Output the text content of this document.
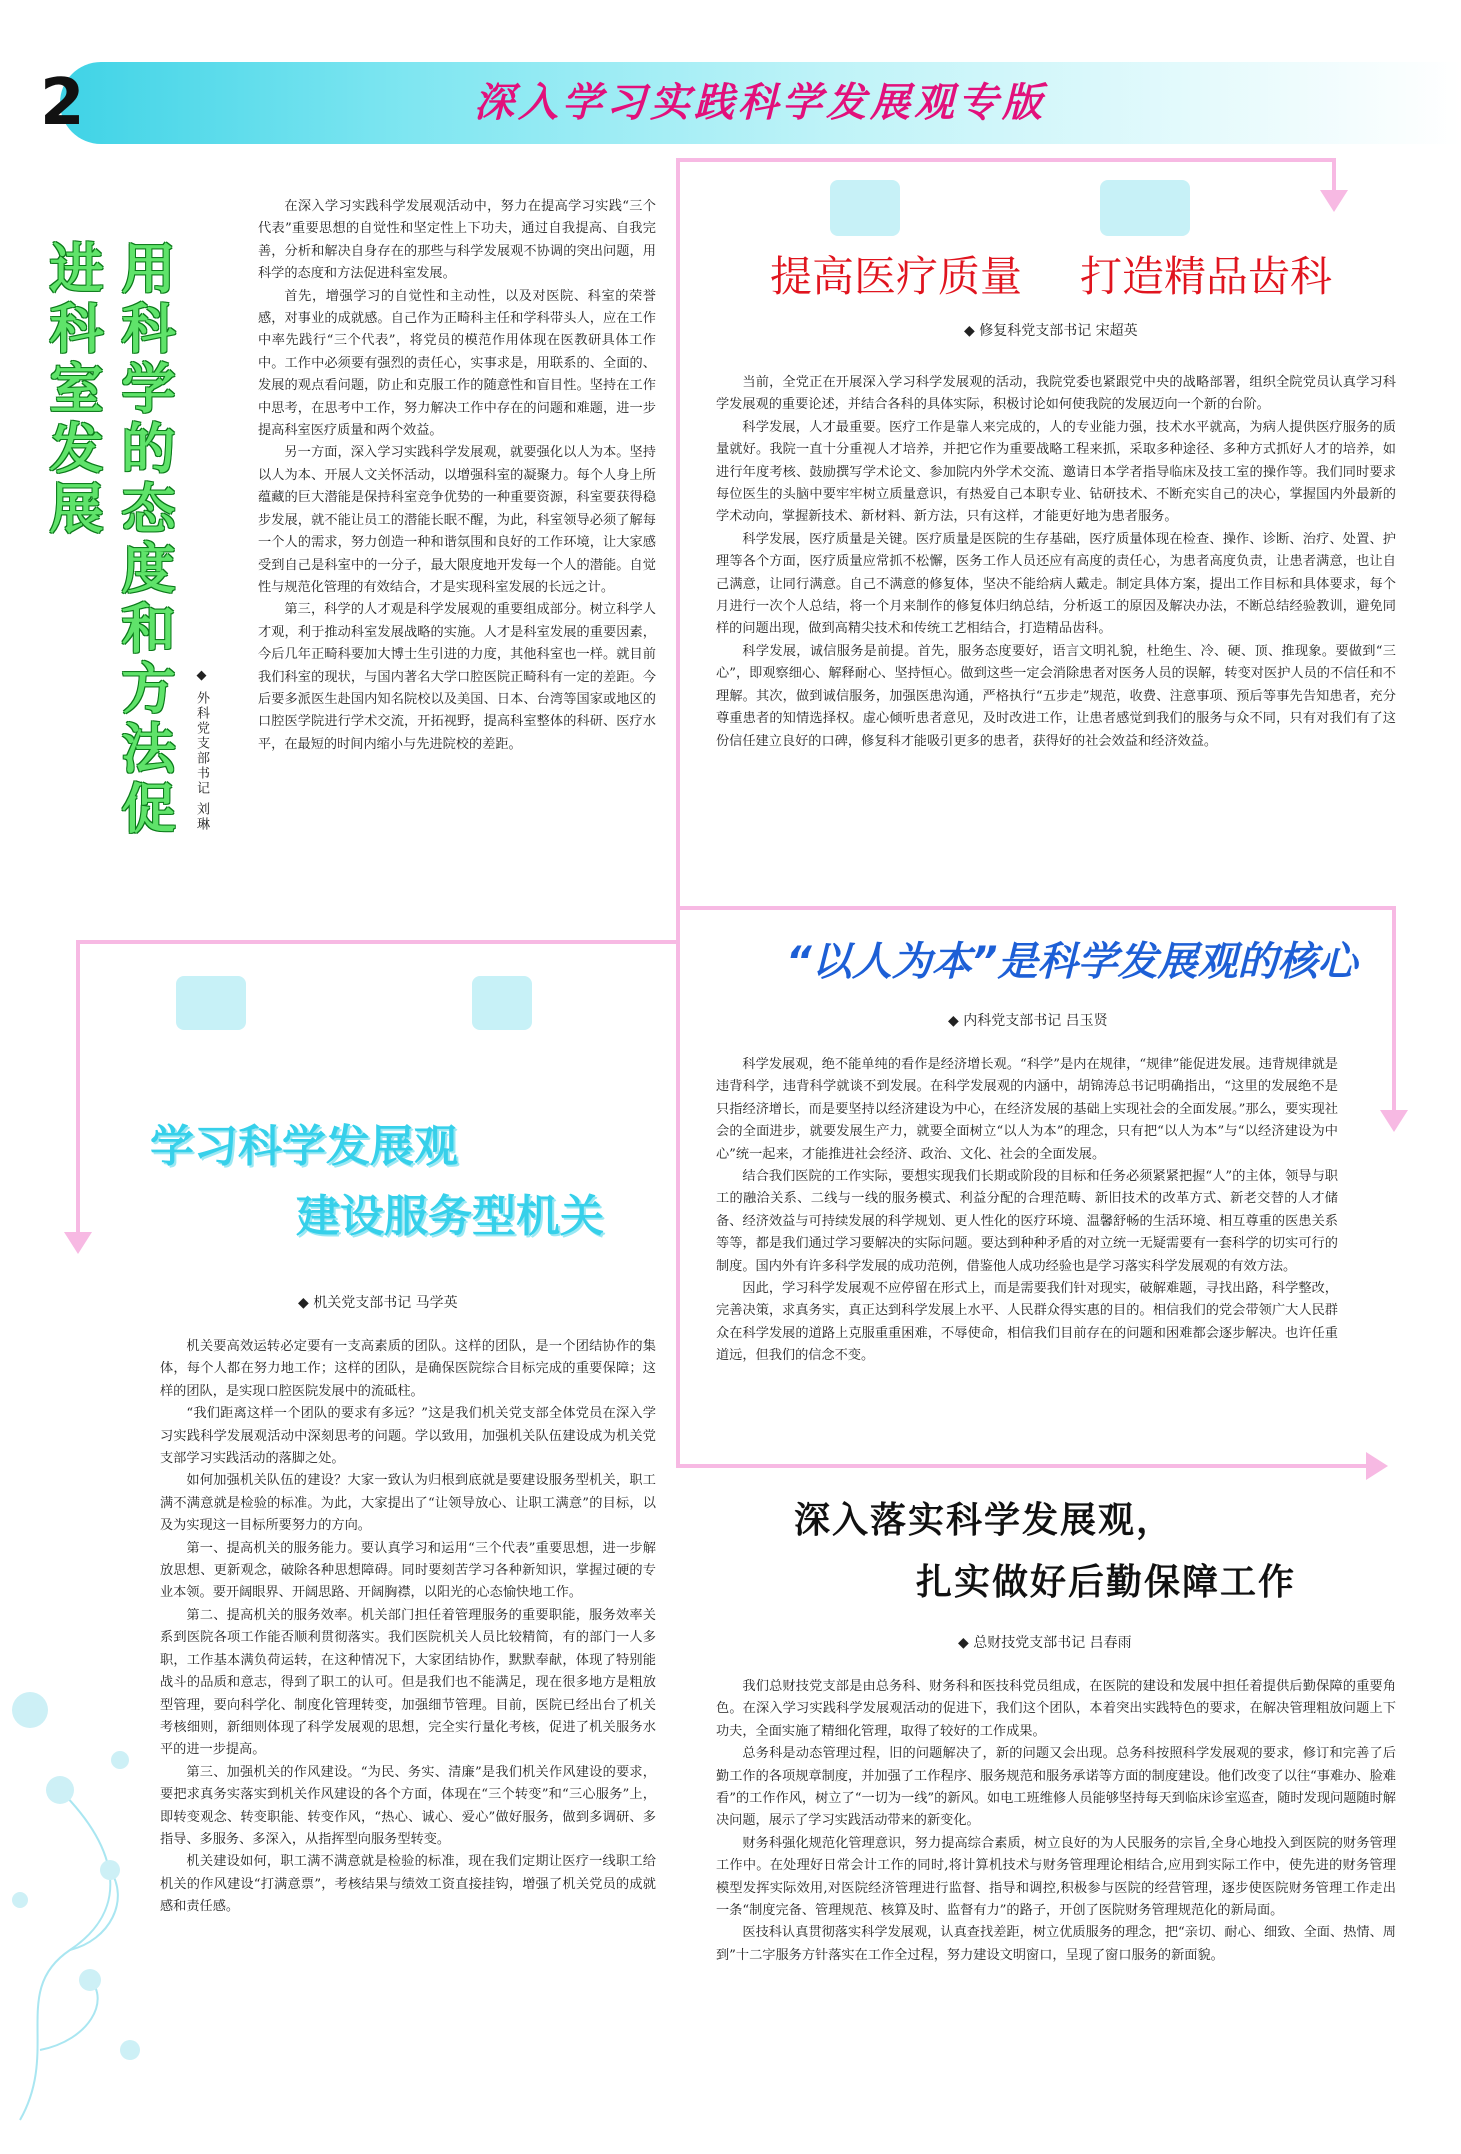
2	深入学习实践科学发展观专版
用科学的态度和方法促进科室发展
◆ 外科党支部书记 刘琳

在深入学习实践科学发展观活动中，努力在提高学习实践“三个代表”重要思想的自觉性和坚定性上下功夫，通过自我提高、自我完善，分析和解决自身存在的那些与科学发展观不协调的突出问题，用科学的态度和方法促进科室发展。

首先，增强学习的自觉性和主动性，以及对医院、科室的荣誉感，对事业的成就感。自己作为正畸科主任和学科带头人，应在工作中率先践行“三个代表”，将党员的模范作用体现在医教研具体工作中。工作中必须要有强烈的责任心，实事求是，用联系的、全面的、发展的观点看问题，防止和克服工作的随意性和盲目性。坚持在工作中思考，在思考中工作，努力解决工作中存在的问题和难题，进一步提高科室医疗质量和两个效益。

另一方面，深入学习实践科学发展观，就要强化以人为本。坚持以人为本、开展人文关怀活动，以增强科室的凝聚力。每个人身上所蕴藏的巨大潜能是保持科室竞争优势的一种重要资源，科室要获得稳步发展，就不能让员工的潜能长眠不醒，为此，科室领导必须了解每一个人的需求，努力创造一种和谐氛围和良好的工作环境，让大家感受到自己是科室中的一分子，最大限度地开发每一个人的潜能。自觉性与规范化管理的有效结合，才是实现科室发展的长远之计。

第三，科学的人才观是科学发展观的重要组成部分。树立科学人才观，利于推动科室发展战略的实施。人才是科室发展的重要因素，今后几年正畸科要加大博士生引进的力度，其他科室也一样。就目前我们科室的现状，与国内著名大学口腔医院正畸科有一定的差距。今后要多派医生赴国内知名院校以及美国、日本、台湾等国家或地区的口腔医学院进行学术交流，开拓视野，提高科室整体的科研、医疗水平，在最短的时间内缩小与先进院校的差距。

提高医疗质量 打造精品齿科
◆ 修复科党支部书记 宋超英

当前，全党正在开展深入学习科学发展观的活动，我院党委也紧跟党中央的战略部署，组织全院党员认真学习科学发展观的重要论述，并结合各科的具体实际，积极讨论如何使我院的发展迈向一个新的台阶。

科学发展，人才最重要。医疗工作是靠人来完成的，人的专业能力强，技术水平就高，为病人提供医疗服务的质量就好。我院一直十分重视人才培养，并把它作为重要战略工程来抓，采取多种途径、多种方式抓好人才的培养，如进行年度考核、鼓励撰写学术论文、参加院内外学术交流、邀请日本学者指导临床及技工室的操作等。我们同时要求每位医生的头脑中要牢牢树立质量意识，有热爱自己本职专业、钻研技术、不断充实自己的决心，掌握国内外最新的学术动向，掌握新技术、新材料、新方法，只有这样，才能更好地为患者服务。

科学发展，医疗质量是关键。医疗质量是医院的生存基础，医疗质量体现在检查、操作、诊断、治疗、处置、护理等各个方面，医疗质量应常抓不松懈，医务工作人员还应有高度的责任心，为患者高度负责，让患者满意，也让自己满意，让同行满意。自己不满意的修复体，坚决不能给病人戴走。制定具体方案，提出工作目标和具体要求，每个月进行一次个人总结，将一个月来制作的修复体归纳总结，分析返工的原因及解决办法，不断总结经验教训，避免同样的问题出现，做到高精尖技术和传统工艺相结合，打造精品齿科。

科学发展，诚信服务是前提。首先，服务态度要好，语言文明礼貌，杜绝生、冷、硬、顶、推现象。要做到“三心”，即观察细心、解释耐心、坚持恒心。做到这些一定会消除患者对医务人员的误解，转变对医护人员的不信任和不理解。其次，做到诚信服务，加强医患沟通，严格执行“五步走”规范，收费、注意事项、预后等事先告知患者，充分尊重患者的知情选择权。虚心倾听患者意见，及时改进工作，让患者感觉到我们的服务与众不同，只有对我们有了这份信任建立良好的口碑，修复科才能吸引更多的患者，获得好的社会效益和经济效益。

“以人为本”是科学发展观的核心
◆ 内科党支部书记 吕玉贤

科学发展观，绝不能单纯的看作是经济增长观。“科学”是内在规律，“规律”能促进发展。违背规律就是违背科学，违背科学就谈不到发展。在科学发展观的内涵中，胡锦涛总书记明确指出，“这里的发展绝不是只指经济增长，而是要坚持以经济建设为中心，在经济发展的基础上实现社会的全面发展。”那么，要实现社会的全面进步，就要发展生产力，就要全面树立“以人为本”的理念，只有把“以人为本”与“以经济建设为中心”统一起来，才能推进社会经济、政治、文化、社会的全面发展。

结合我们医院的工作实际，要想实现我们长期或阶段的目标和任务必须紧紧把握“人”的主体，领导与职工的融洽关系、二线与一线的服务模式、利益分配的合理范畴、新旧技术的改革方式、新老交替的人才储备、经济效益与可持续发展的科学规划、更人性化的医疗环境、温馨舒畅的生活环境、相互尊重的医患关系等等，都是我们通过学习要解决的实际问题。要达到种种矛盾的对立统一无疑需要有一套科学的切实可行的制度。国内外有许多科学发展的成功范例，借鉴他人成功经验也是学习落实科学发展观的有效方法。

因此，学习科学发展观不应停留在形式上，而是需要我们针对现实，破解难题，寻找出路，科学整改，完善决策，求真务实，真正达到科学发展上水平、人民群众得实惠的目的。相信我们的党会带领广大人民群众在科学发展的道路上克服重重困难，不辱使命，相信我们目前存在的问题和困难都会逐步解决。也许任重道远，但我们的信念不变。

学习科学发展观
建设服务型机关
◆ 机关党支部书记 马学英

机关要高效运转必定要有一支高素质的团队。这样的团队，是一个团结协作的集体，每个人都在努力地工作；这样的团队，是确保医院综合目标完成的重要保障；这样的团队，是实现口腔医院发展中的流砥柱。

“我们距离这样一个团队的要求有多远？”这是我们机关党支部全体党员在深入学习实践科学发展观活动中深刻思考的问题。学以致用，加强机关队伍建设成为机关党支部学习实践活动的落脚之处。

如何加强机关队伍的建设？大家一致认为归根到底就是要建设服务型机关，职工满不满意就是检验的标准。为此，大家提出了“让领导放心、让职工满意”的目标，以及为实现这一目标所要努力的方向。

第一、提高机关的服务能力。要认真学习和运用“三个代表”重要思想，进一步解放思想、更新观念，破除各种思想障碍。同时要刻苦学习各种新知识，掌握过硬的专业本领。要开阔眼界、开阔思路、开阔胸襟，以阳光的心态愉快地工作。

第二、提高机关的服务效率。机关部门担任着管理服务的重要职能，服务效率关系到医院各项工作能否顺利贯彻落实。我们医院机关人员比较精简，有的部门一人多职，工作基本满负荷运转，在这种情况下，大家团结协作，默默奉献，体现了特别能战斗的品质和意志，得到了职工的认可。但是我们也不能满足，现在很多地方是粗放型管理，要向科学化、制度化管理转变，加强细节管理。目前，医院已经出台了机关考核细则，新细则体现了科学发展观的思想，完全实行量化考核，促进了机关服务水平的进一步提高。

第三、加强机关的作风建设。“为民、务实、清廉”是我们机关作风建设的要求，要把求真务实落实到机关作风建设的各个方面，体现在“三个转变”和“三心服务”上，即转变观念、转变职能、转变作风，“热心、诚心、爱心”做好服务，做到多调研、多指导、多服务、多深入，从指挥型向服务型转变。

机关建设如何，职工满不满意就是检验的标准，现在我们定期让医疗一线职工给机关的作风建设“打满意票”，考核结果与绩效工资直接挂钩，增强了机关党员的成就感和责任感。

深入落实科学发展观，
扎实做好后勤保障工作
◆ 总财技党支部书记 吕春雨

我们总财技党支部是由总务科、财务科和医技科党员组成，在医院的建设和发展中担任着提供后勤保障的重要角色。在深入学习实践科学发展观活动的促进下，我们这个团队，本着突出实践特色的要求，在解决管理粗放问题上下功夫，全面实施了精细化管理，取得了较好的工作成果。

总务科是动态管理过程，旧的问题解决了，新的问题又会出现。总务科按照科学发展观的要求，修订和完善了后勤工作的各项规章制度，并加强了工作程序、服务规范和服务承诺等方面的制度建设。他们改变了以往“事难办、脸难看”的工作作风，树立了“一切为一线”的新风。如电工班维修人员能够坚持每天到临床诊室巡查，随时发现问题随时解决问题，展示了学习实践活动带来的新变化。

财务科强化规范化管理意识，努力提高综合素质，树立良好的为人民服务的宗旨,全身心地投入到医院的财务管理工作中。在处理好日常会计工作的同时,将计算机技术与财务管理理论相结合,应用到实际工作中，使先进的财务管理模型发挥实际效用,对医院经济管理进行监督、指导和调控,积极参与医院的经营管理，逐步使医院财务管理工作走出一条“制度完备、管理规范、核算及时、监督有力”的路子，开创了医院财务管理规范化的新局面。

医技科认真贯彻落实科学发展观，认真查找差距，树立优质服务的理念，把“亲切、耐心、细致、全面、热情、周到”十二字服务方针落实在工作全过程，努力建设文明窗口，呈现了窗口服务的新面貌。
